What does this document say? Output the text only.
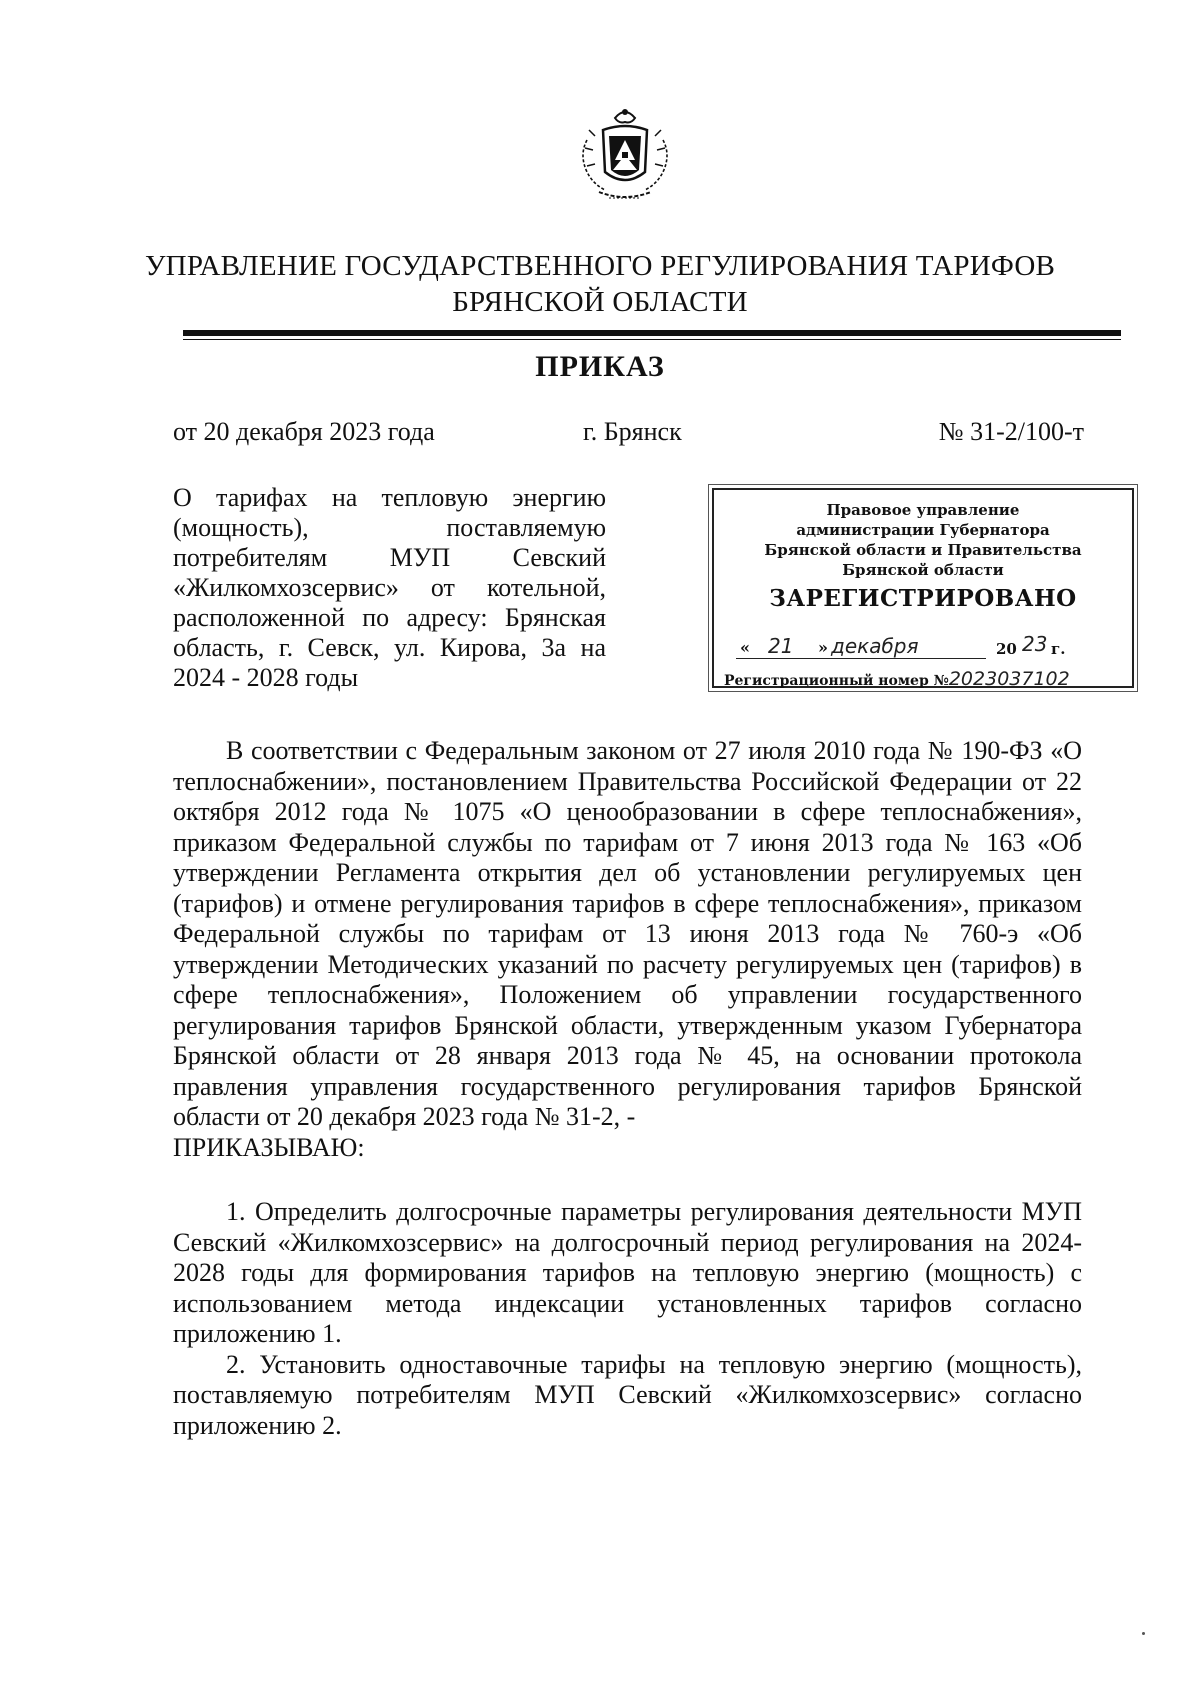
УПРАВЛЕНИЕ ГОСУДАРСТВЕННОГО РЕГУЛИРОВАНИЯ ТАРИФОВ
БРЯНСКОЙ ОБЛАСТИ
ПРИКАЗ
от 20 декабря 2023 года	г. Брянск	№ 31-2/100-т
О тарифах на тепловую энергию (мощность), поставляемую потребителям МУП Севский «Жилкомхозсервис» от котельной, расположенной по адресу: Брянская область, г. Севск, ул. Кирова, 3а на 2024 - 2028 годы
Правовое управление
администрации Губернатора
Брянской области и Правительства
Брянской области
ЗАРЕГИСТРИРОВАНО
« 21 » декабря	20 23 г.
Регистрационный номер №2023037102

В соответствии с Федеральным законом от 27 июля 2010 года № 190-ФЗ «О теплоснабжении», постановлением Правительства Российской Федерации от 22 октября 2012 года № 1075 «О ценообразовании в сфере теплоснабжения», приказом Федеральной службы по тарифам от 7 июня 2013 года № 163 «Об утверждении Регламента открытия дел об установлении регулируемых цен (тарифов) и отмене регулирования тарифов в сфере теплоснабжения», приказом Федеральной службы по тарифам от 13 июня 2013 года № 760-э «Об утверждении Методических указаний по расчету регулируемых цен (тарифов) в сфере теплоснабжения», Положением об управлении государственного регулирования тарифов Брянской области, утвержденным указом Губернатора Брянской области от 28 января 2013 года № 45, на основании протокола правления управления государственного регулирования тарифов Брянской области от 20 декабря 2023 года № 31-2, -

ПРИКАЗЫВАЮ:

1. Определить долгосрочные параметры регулирования деятельности МУП Севский «Жилкомхозсервис» на долгосрочный период регулирования на 2024-2028 годы для формирования тарифов на тепловую энергию (мощность) с использованием метода индексации установленных тарифов согласно приложению 1.

2. Установить одноставочные тарифы на тепловую энергию (мощность), поставляемую потребителям МУП Севский «Жилкомхозсервис» согласно приложению 2.
